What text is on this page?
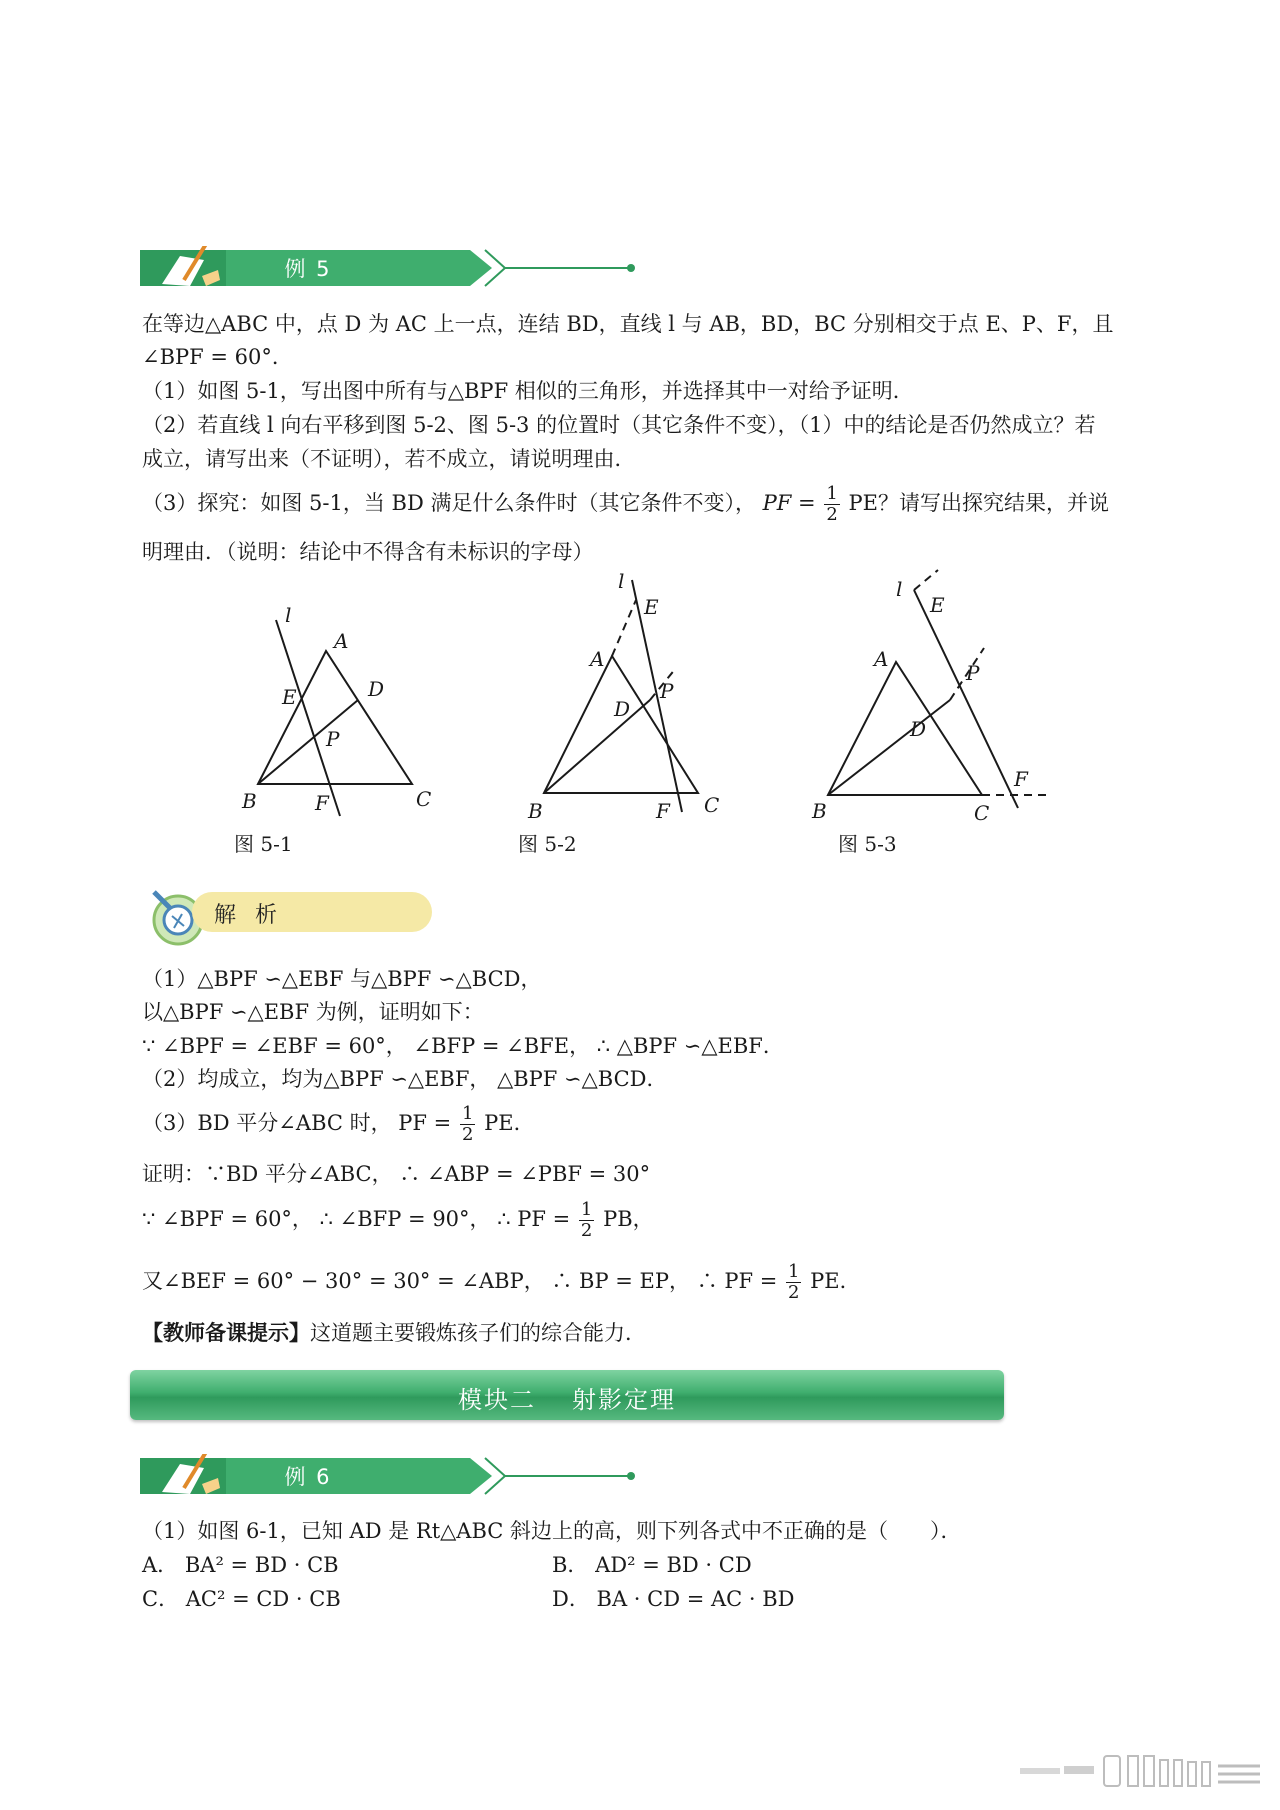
例 5
在等边△ABC 中，点 D 为 AC 上一点，连结 BD，直线 l 与 AB，BD，BC 分别相交于点 E、P、F，且
∠BPF = 60°．
（1）如图 5-1，写出图中所有与△BPF 相似的三角形，并选择其中一对给予证明．
（2）若直线 l 向右平移到图 5-2、图 5-3 的位置时（其它条件不变），（1）中的结论是否仍然成立？若
成立，请写出来（不证明），若不成立，请说明理由．
（3）探究：如图 5-1，当 BD 满足什么条件时（其它条件不变）， PF = $\frac{1}{2}$ PE？请写出探究结果，并说
明理由．（说明：结论中不得含有未标识的字母）
l
A
E	D
P
B	F	C
l
E
A
P
D
B	F C
l
E
A
P
D
F
B	C
图 5-1	图 5-2	图 5-3
解 析
（1）△BPF ∽△EBF 与△BPF ∽△BCD，
以△BPF ∽△EBF 为例，证明如下：
∵ ∠BPF = ∠EBF = 60°， ∠BFP = ∠BFE， ∴ △BPF ∽△EBF．
（2）均成立，均为△BPF ∽△EBF， △BPF ∽△BCD．
（3）BD 平分∠ABC 时， PF = $\frac{1}{2}$ PE．
证明：∵BD 平分∠ABC， ∴ ∠ABP = ∠PBF = 30°
∵ ∠BPF = 60°， ∴ ∠BFP = 90°， ∴ PF = $\frac{1}{2}$ PB，
又∠BEF = 60° − 30° = 30° = ∠ABP， ∴ BP = EP， ∴ PF = $\frac{1}{2}$ PE．
【教师备课提示】这道题主要锻炼孩子们的综合能力．
模块二 射影定理
例 6
（1）如图 6-1，已知 AD 是 Rt△ABC 斜边上的高，则下列各式中不正确的是（　　）．
A． BA² = BD · CB	B． AD² = BD · CD
C． AC² = CD · CB	D． BA · CD = AC · BD
